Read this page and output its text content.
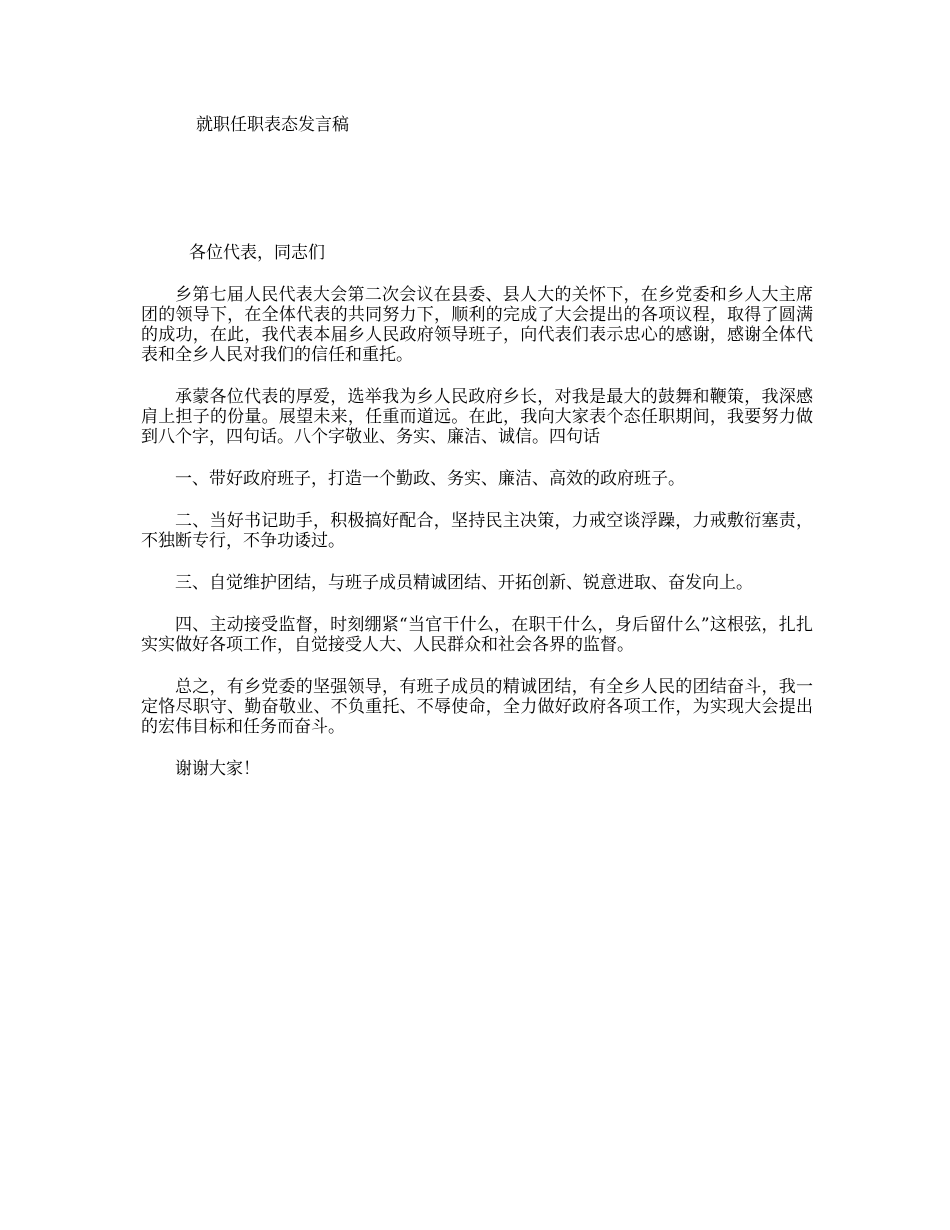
就职任职表态发言稿
各位代表，同志们

乡第七届人民代表大会第二次会议在县委、县人大的关怀下，在乡党委和乡人大主席团的领导下，在全体代表的共同努力下，顺利的完成了大会提出的各项议程，取得了圆满的成功，在此，我代表本届乡人民政府领导班子，向代表们表示忠心的感谢，感谢全体代表和全乡人民对我们的信任和重托。

承蒙各位代表的厚爱，选举我为乡人民政府乡长，对我是最大的鼓舞和鞭策，我深感肩上担子的份量。展望未来，任重而道远。在此，我向大家表个态任职期间，我要努力做到八个字，四句话。八个字敬业、务实、廉洁、诚信。四句话

一、带好政府班子，打造一个勤政、务实、廉洁、高效的政府班子。

二、当好书记助手，积极搞好配合，坚持民主决策，力戒空谈浮躁，力戒敷衍塞责，不独断专行，不争功诿过。

三、自觉维护团结，与班子成员精诚团结、开拓创新、锐意进取、奋发向上。

四、主动接受监督，时刻绷紧“当官干什么，在职干什么，身后留什么”这根弦，扎扎实实做好各项工作，自觉接受人大、人民群众和社会各界的监督。

总之，有乡党委的坚强领导，有班子成员的精诚团结，有全乡人民的团结奋斗，我一定恪尽职守、勤奋敬业、不负重托、不辱使命，全力做好政府各项工作，为实现大会提出的宏伟目标和任务而奋斗。

谢谢大家！
